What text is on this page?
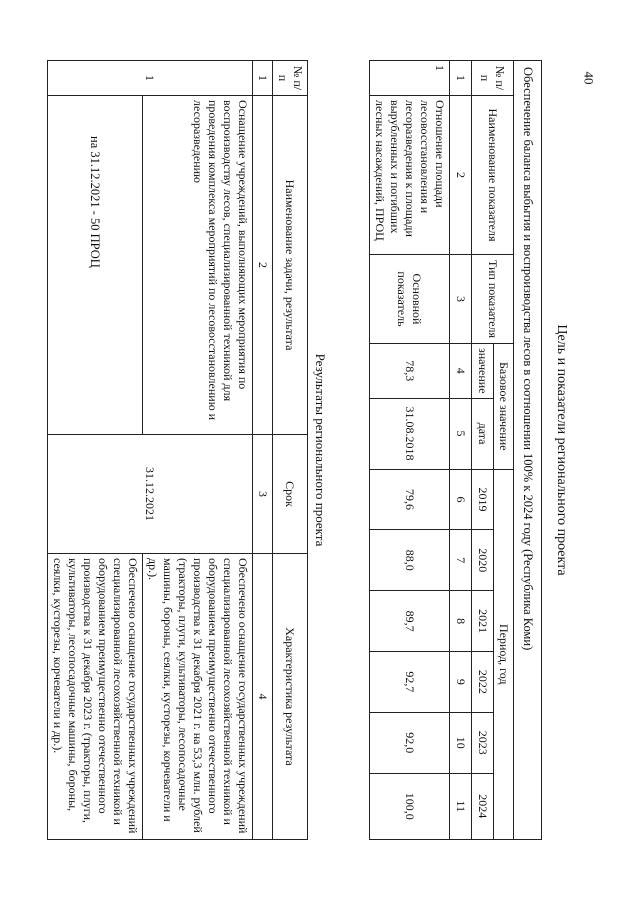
40
Цель и показатели регионального проекта
Обеспечение баланса выбытия и воспроизводства лесов в соотношении 100% к 2024 году (Республика Коми)										
№ п/п	Наименование показателя	Тип показателя	Базовое значение		Период, год					
			значение	дата	2019	2020	2021	2022	2023	2024
1	2	3	4	5	6	7	8	9	10	11
1	Отношение площади лесовосстановления и лесоразведения к площади вырубленных и погибших лесных насаждений, ПРОЦ	Основной показатель	78,3	31.08.2018	79,6	88,0	89,7	92,7	92,0	100,0
Результаты регионального проекта
№ п/п	Наименование задачи, результата	Срок	Характеристика результата
1	2	3	4
1	Оснащение учреждений, выполняющих мероприятия по воспроизводству лесов, специализированной техникой для проведения комплекса мероприятий по лесовосстановлению и лесоразведению	31.12.2021	Обеспечено оснащение государственных учреждений специализированной лесохозяйственной техникой и оборудованием преимущественно отечественного производства к 31 декабря 2021 г. на 53,3 млн. рублей (тракторы, плуги, культиваторы, лесопосадочные машины, бороны, сеялки, кусторезы, корчеватели и др.).
	на 31.12.2021 - 50 ПРОЦ		Обеспечено оснащение государственных учреждений специализированной лесохозяйственной техникой и оборудованием преимущественно отечественного производства к 31 декабря 2023 г. (тракторы, плуги, культиваторы, лесопосадочные машины, бороны, сеялки, кусторезы, корчеватели и др.).
